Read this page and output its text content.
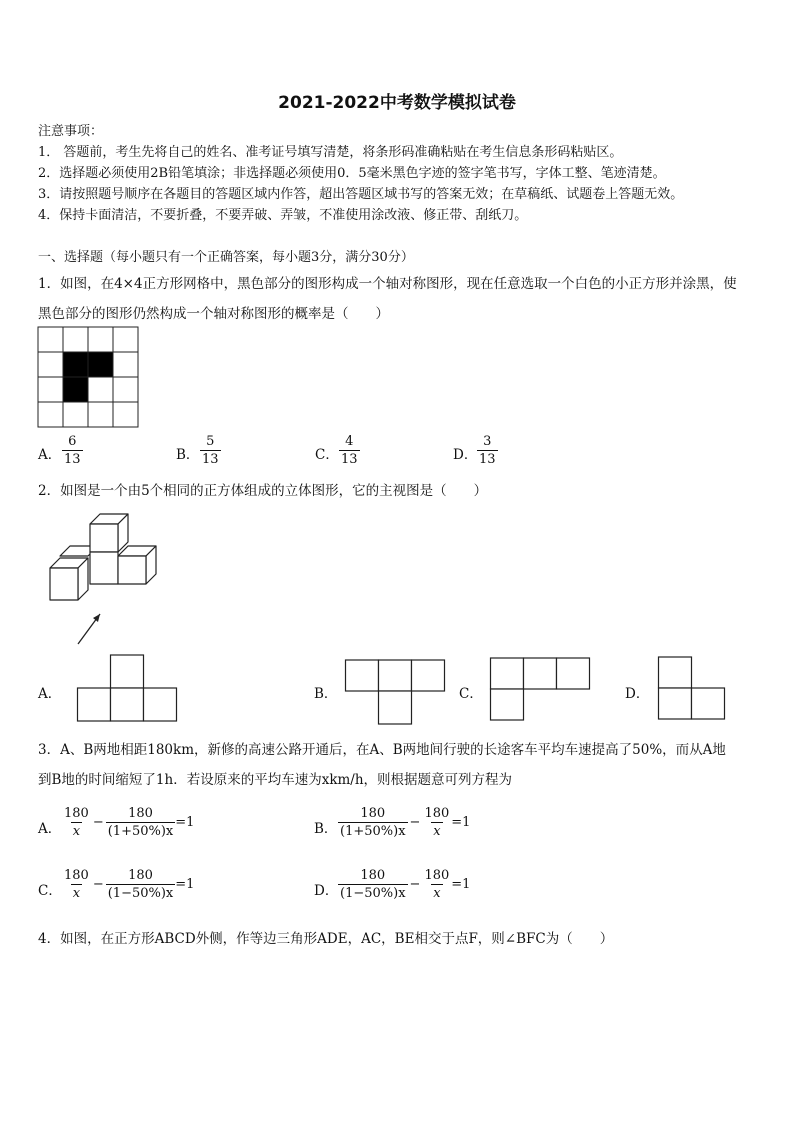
2021-2022中考数学模拟试卷
注意事项：
1． 答题前，考生先将自己的姓名、准考证号填写清楚，将条形码准确粘贴在考生信息条形码粘贴区。
2．选择题必须使用2B铅笔填涂；非选择题必须使用0．5毫米黑色字迹的签字笔书写，字体工整、笔迹清楚。
3．请按照题号顺序在各题目的答题区域内作答，超出答题区域书写的答案无效；在草稿纸、试题卷上答题无效。
4．保持卡面清洁，不要折叠，不要弄破、弄皱，不准使用涂改液、修正带、刮纸刀。
一、选择题（每小题只有一个正确答案，每小题3分，满分30分）
1．如图，在4×4正方形网格中，黑色部分的图形构成一个轴对称图形，现在任意选取一个白色的小正方形并涂黑，使
黑色部分的图形仍然构成一个轴对称图形的概率是（　　）
A． $\frac{6}{13}$	B． $\frac{5}{13}$	C． $\frac{4}{13}$	D． $\frac{3}{13}$
2．如图是一个由5个相同的正方体组成的立体图形，它的主视图是（　　）
A．	B．	C．	D．
3．A、B两地相距180km，新修的高速公路开通后，在A、B两地间行驶的长途客车平均车速提高了50%，而从A地
到B地的时间缩短了1h．若设原来的平均车速为xkm/h，则根据题意可列方程为
A． $\frac{180}{x} - \frac{180}{(1+50\%)x} =1$	B． $\frac{180}{(1+50\%)x} - \frac{180}{x} =1$
C． $\frac{180}{x} - \frac{180}{(1-50\%)x} =1$	D． $\frac{180}{(1-50\%)x} - \frac{180}{x} =1$
4．如图，在正方形ABCD外侧，作等边三角形ADE，AC，BE相交于点F，则∠BFC为（　　）
